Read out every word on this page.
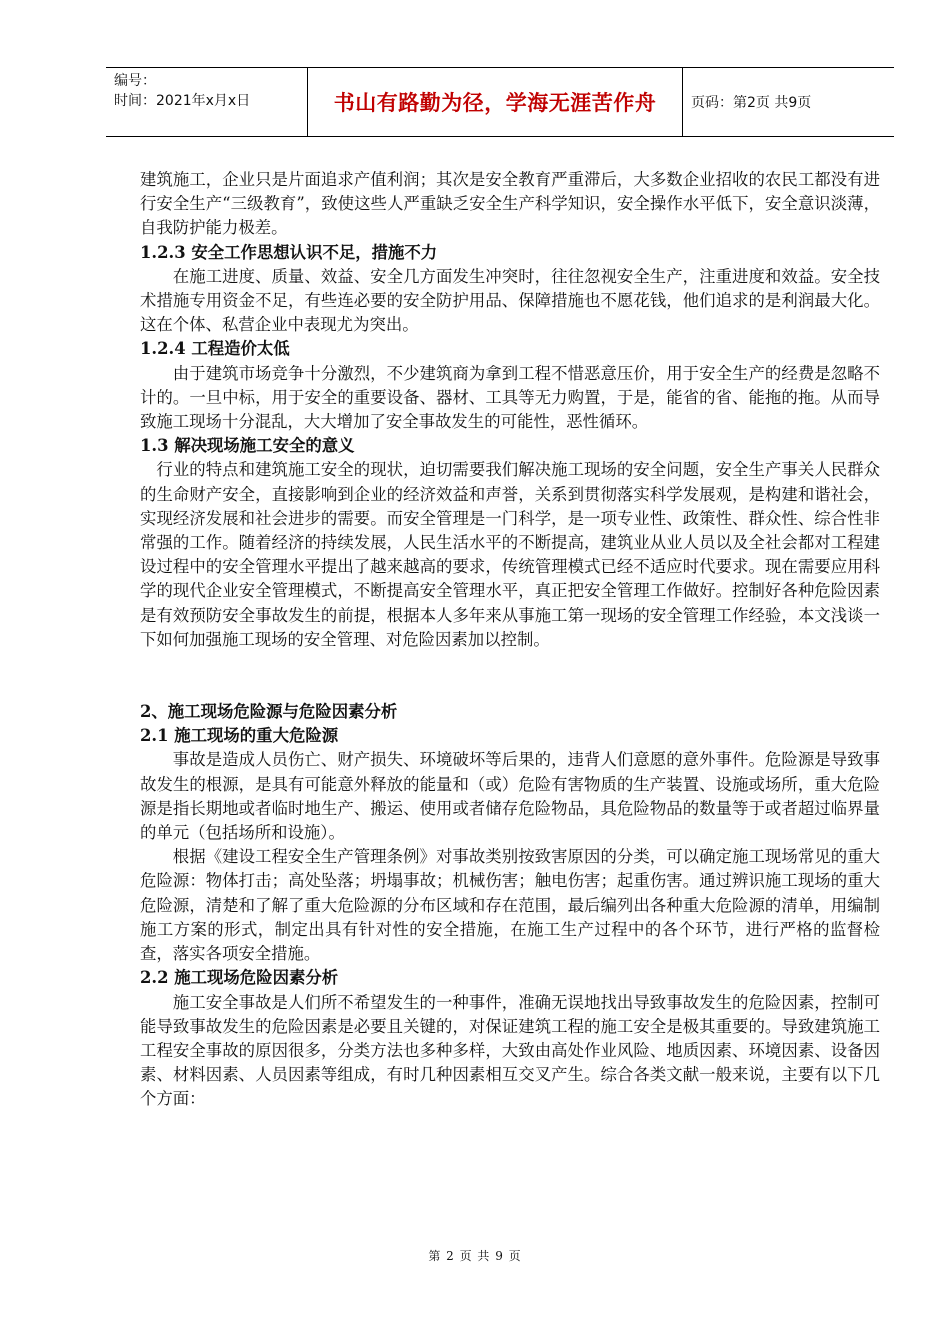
编号：
时间：2021年x月x日	书山有路勤为径，学海无涯苦作舟 页码：第2页 共9页

建筑施工，企业只是片面追求产值利润；其次是安全教育严重滞后，大多数企业招收的农民工都没有进行安全生产“三级教育”，致使这些人严重缺乏安全生产科学知识，安全操作水平低下，安全意识淡薄，自我防护能力极差。

1.2.3 安全工作思想认识不足，措施不力

在施工进度、质量、效益、安全几方面发生冲突时，往往忽视安全生产，注重进度和效益。安全技术措施专用资金不足，有些连必要的安全防护用品、保障措施也不愿花钱，他们追求的是利润最大化。这在个体、私营企业中表现尤为突出。

1.2.4 工程造价太低

由于建筑市场竞争十分激烈，不少建筑商为拿到工程不惜恶意压价，用于安全生产的经费是忽略不计的。一旦中标，用于安全的重要设备、器材、工具等无力购置，于是，能省的省、能拖的拖。从而导致施工现场十分混乱，大大增加了安全事故发生的可能性，恶性循环。

1.3 解决现场施工安全的意义

行业的特点和建筑施工安全的现状，迫切需要我们解决施工现场的安全问题，安全生产事关人民群众的生命财产安全，直接影响到企业的经济效益和声誉，关系到贯彻落实科学发展观，是构建和谐社会，实现经济发展和社会进步的需要。而安全管理是一门科学，是一项专业性、政策性、群众性、综合性非常强的工作。随着经济的持续发展，人民生活水平的不断提高，建筑业从业人员以及全社会都对工程建设过程中的安全管理水平提出了越来越高的要求，传统管理模式已经不适应时代要求。现在需要应用科学的现代企业安全管理模式，不断提高安全管理水平，真正把安全管理工作做好。控制好各种危险因素是有效预防安全事故发生的前提，根据本人多年来从事施工第一现场的安全管理工作经验，本文浅谈一下如何加强施工现场的安全管理、对危险因素加以控制。

2、施工现场危险源与危险因素分析

2.1 施工现场的重大危险源

事故是造成人员伤亡、财产损失、环境破坏等后果的，违背人们意愿的意外事件。危险源是导致事故发生的根源，是具有可能意外释放的能量和（或）危险有害物质的生产装置、设施或场所，重大危险源是指长期地或者临时地生产、搬运、使用或者储存危险物品，具危险物品的数量等于或者超过临界量的单元（包括场所和设施）。

根据《建设工程安全生产管理条例》对事故类别按致害原因的分类，可以确定施工现场常见的重大危险源：物体打击；高处坠落；坍塌事故；机械伤害；触电伤害；起重伤害。通过辨识施工现场的重大危险源，清楚和了解了重大危险源的分布区域和存在范围，最后编列出各种重大危险源的清单，用编制施工方案的形式，制定出具有针对性的安全措施，在施工生产过程中的各个环节，进行严格的监督检查，落实各项安全措施。

2.2 施工现场危险因素分析

施工安全事故是人们所不希望发生的一种事件，准确无误地找出导致事故发生的危险因素，控制可能导致事故发生的危险因素是必要且关键的，对保证建筑工程的施工安全是极其重要的。导致建筑施工工程安全事故的原因很多，分类方法也多种多样，大致由高处作业风险、地质因素、环境因素、设备因素、材料因素、人员因素等组成，有时几种因素相互交叉产生。综合各类文献一般来说，主要有以下几个方面：

第 2 页 共 9 页
